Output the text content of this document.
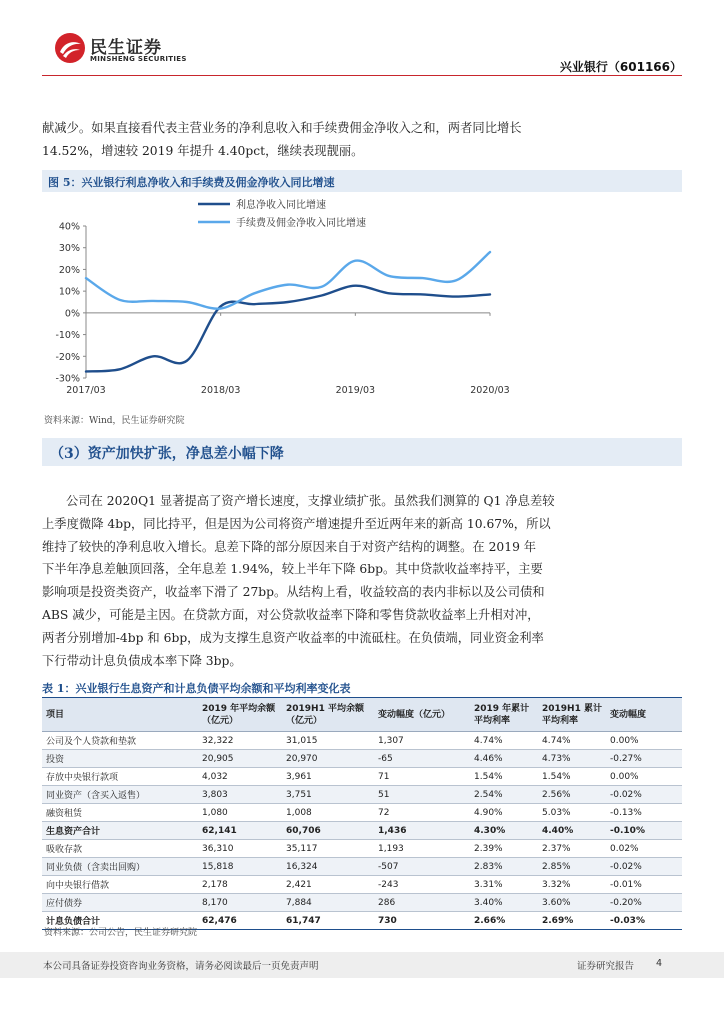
民生证券
MINSHENG SECURITIES
兴业银行（601166）

献减少。如果直接看代表主营业务的净利息收入和手续费佣金净收入之和，两者同比增长

14.52%，增速较 2019 年提升 4.40pct，继续表现靓丽。

图 5：兴业银行利息净收入和手续费及佣金净收入同比增速
-30%
-20%
-10%
0%
10%
20%
30%
40%
2017/03	2018/03	2019/03	2020/03
利息净收入同比增速
手续费及佣金净收入同比增速
资料来源：Wind，民生证券研究院
（3）资产加快扩张，净息差小幅下降

公司在 2020Q1 显著提高了资产增长速度，支撑业绩扩张。虽然我们测算的 Q1 净息差较

上季度微降 4bp，同比持平，但是因为公司将资产增速提升至近两年来的新高 10.67%，所以

维持了较快的净利息收入增长。息差下降的部分原因来自于对资产结构的调整。在 2019 年

下半年净息差触顶回落，全年息差 1.94%，较上半年下降 6bp。其中贷款收益率持平，主要

影响项是投资类资产，收益率下滑了 27bp。从结构上看，收益较高的表内非标以及公司债和

ABS 减少，可能是主因。在贷款方面，对公贷款收益率下降和零售贷款收益率上升相对冲，

两者分别增加-4bp 和 6bp，成为支撑生息资产收益率的中流砥柱。在负债端，同业资金利率

下行带动计息负债成本率下降 3bp。

表 1：兴业银行生息资产和计息负债平均余额和平均利率变化表
项目	2019 年平均余额（亿元）	2019H1 平均余额（亿元）	变动幅度（亿元）	2019 年累计平均利率	2019H1 累计平均利率	变动幅度
公司及个人贷款和垫款	32,322	31,015	1,307	4.74%	4.74%	0.00%
投资	20,905	20,970	-65	4.46%	4.73%	-0.27%
存放中央银行款项	4,032	3,961	71	1.54%	1.54%	0.00%
同业资产（含买入返售）	3,803	3,751	51	2.54%	2.56%	-0.02%
融资租赁	1,080	1,008	72	4.90%	5.03%	-0.13%
生息资产合计	62,141	60,706	1,436	4.30%	4.40%	-0.10%
吸收存款	36,310	35,117	1,193	2.39%	2.37%	0.02%
同业负债（含卖出回购）	15,818	16,324	-507	2.83%	2.85%	-0.02%
向中央银行借款	2,178	2,421	-243	3.31%	3.32%	-0.01%
应付债券	8,170	7,884	286	3.40%	3.60%	-0.20%
计息负债合计	62,476	61,747	730	2.66%	2.69%	-0.03%
资料来源：公司公告，民生证券研究院
本公司具备证券投资咨询业务资格，请务必阅读最后一页免责声明	证券研究报告 4
